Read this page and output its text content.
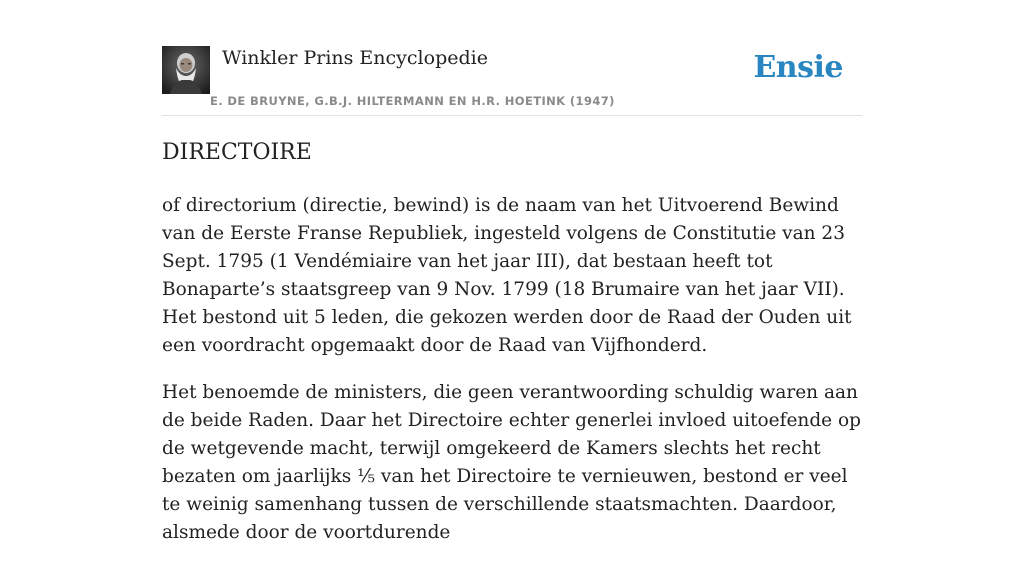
Winkler Prins Encyclopedie
E. DE BRUYNE, G.B.J. HILTERMANN EN H.R. HOETINK (1947)
Ensie
DIRECTOIRE

of directorium (directie, bewind) is de naam van het Uitvoerend Bewind van de Eerste Franse Republiek, ingesteld volgens de Constitutie van 23 Sept. 1795 (1 Vendémiaire van het jaar III), dat bestaan heeft tot Bonaparte’s staatsgreep van 9 Nov. 1799 (18 Brumaire van het jaar VII). Het bestond uit 5 leden, die gekozen werden door de Raad der Ouden uit een voordracht opgemaakt door de Raad van Vijfhonderd.

Het benoemde de ministers, die geen verantwoording schuldig waren aan de beide Raden. Daar het Directoire echter generlei invloed uitoefende op de wetgevende macht, terwijl omgekeerd de Kamers slechts het recht bezaten om jaarlijks ⅕ van het Directoire te vernieuwen, bestond er veel te weinig samenhang tussen de verschillende staatsmachten. Daardoor, alsmede door de voortdurende
